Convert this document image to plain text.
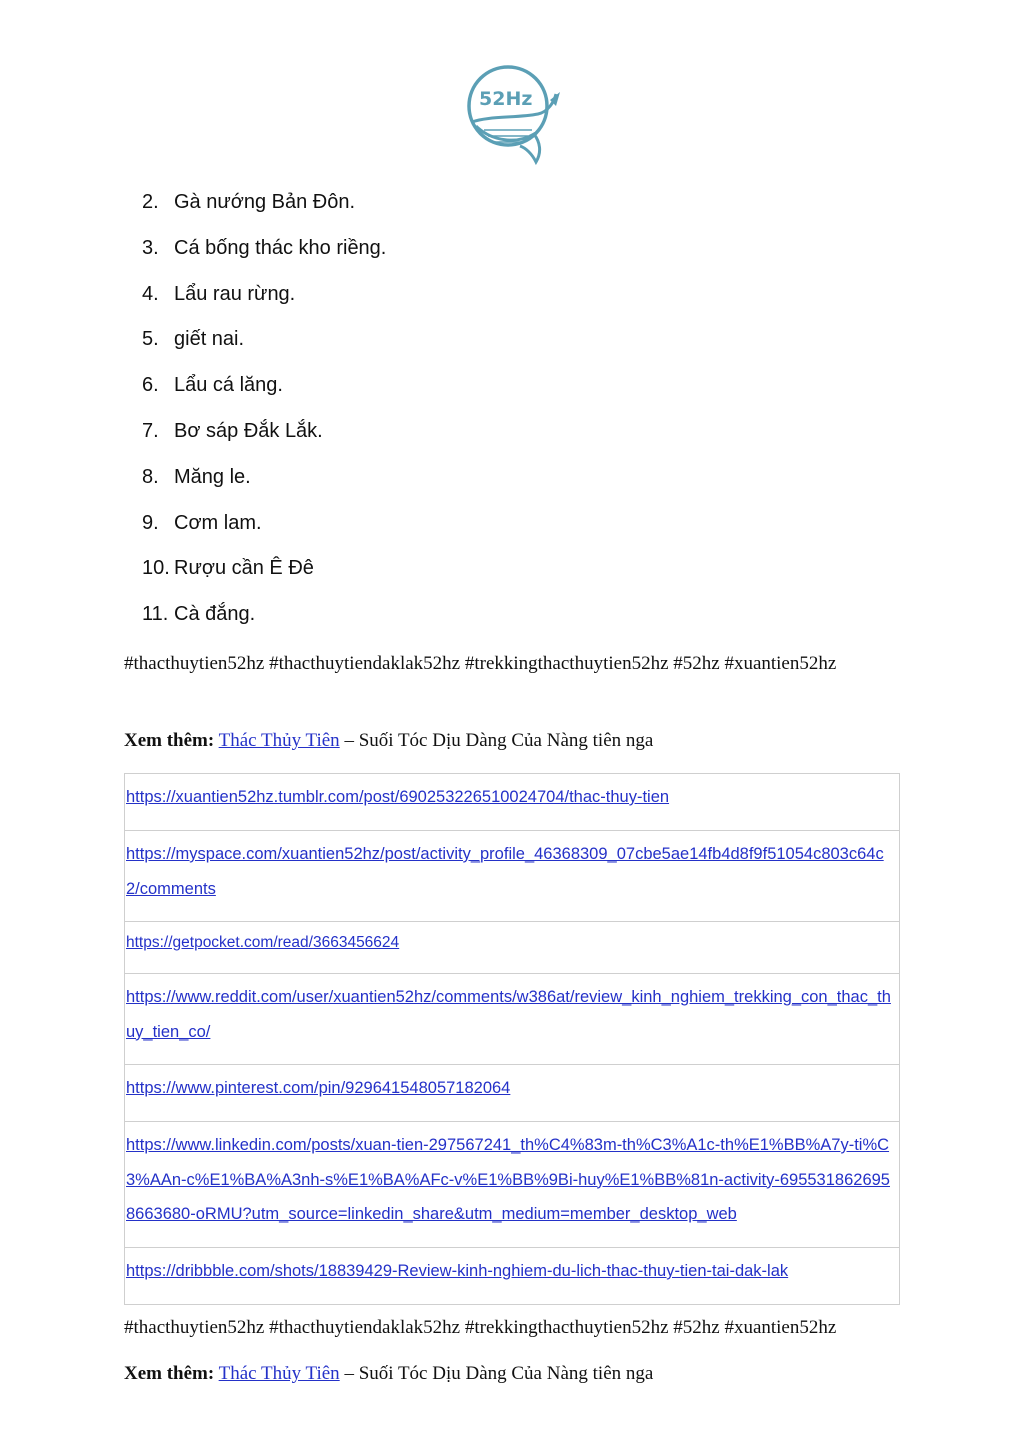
52Hz
2. Gà nướng Bản Đôn.
3. Cá bống thác kho riềng.
4. Lẩu rau rừng.
5. giết nai.
6. Lẩu cá lăng.
7. Bơ sáp Đắk Lắk.
8. Măng le.
9. Cơm lam.
10. Rượu cần Ê Đê
11. Cà đắng.
#thacthuytien52hz #thacthuytiendaklak52hz #trekkingthacthuytien52hz #52hz #xuantien52hz
Xem thêm: Thác Thủy Tiên – Suối Tóc Dịu Dàng Của Nàng tiên nga
https://xuantien52hz.tumblr.com/post/690253226510024704/thac-thuy-tien

https://myspace.com/xuantien52hz/post/activity_profile_46368309_07cbe5ae14fb4d8f9f51054c803c64c2/comments

https://getpocket.com/read/3663456624

https://www.reddit.com/user/xuantien52hz/comments/w386at/review_kinh_nghiem_trekking_con_thac_thuy_tien_co/

https://www.pinterest.com/pin/929641548057182064

https://www.linkedin.com/posts/xuan-tien-297567241_th%C4%83m-th%C3%A1c-th%E1%BB%A7y-ti%C3%AAn-c%E1%BA%A3nh-s%E1%BA%AFc-v%E1%BB%9Bi-huy%E1%BB%81n-activity-6955318626958663680-oRMU?utm_source=linkedin_share&utm_medium=member_desktop_web

https://dribbble.com/shots/18839429-Review-kinh-nghiem-du-lich-thac-thuy-tien-tai-dak-lak
#thacthuytien52hz #thacthuytiendaklak52hz #trekkingthacthuytien52hz #52hz #xuantien52hz
Xem thêm: Thác Thủy Tiên – Suối Tóc Dịu Dàng Của Nàng tiên nga
